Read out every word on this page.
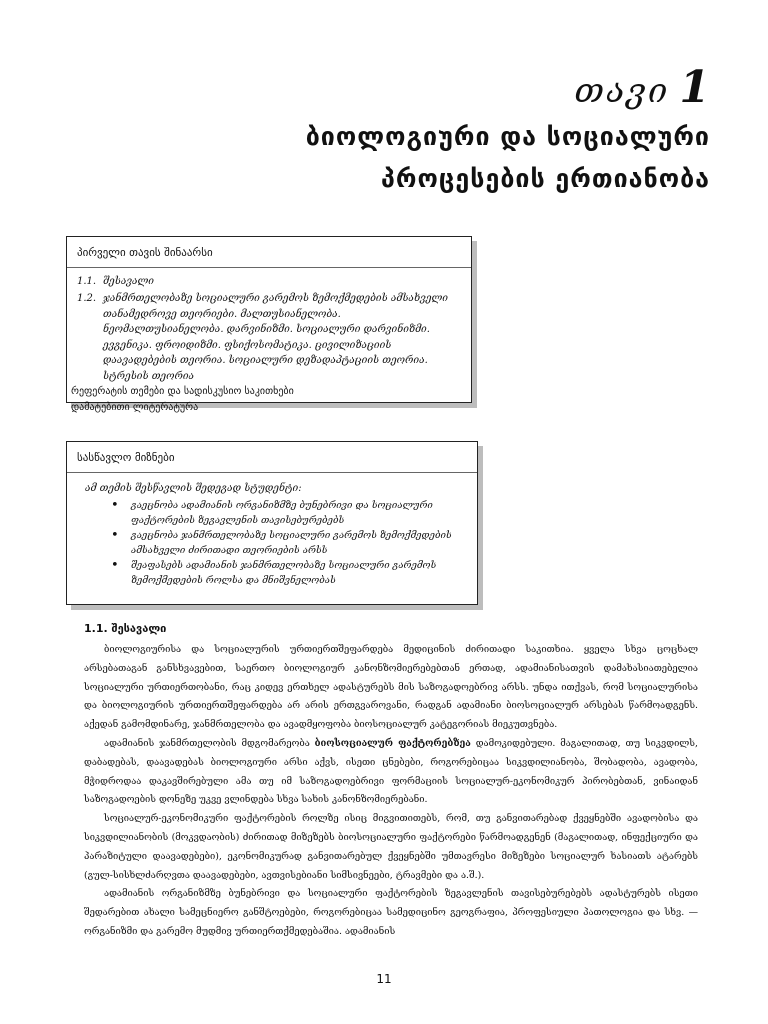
თავი 1
ბიოლოგიური და სოციალური
პროცესების ერთიანობა
პირველი თავის შინაარსი
1.1. შესავალი
1.2. ჯანმრთელობაზე სოციალური გარემოს ზემოქმედების ამსახველი თანამედროვე თეორიები. მალთუსიანელობა. ნეომალთუსიანელობა. დარვინიზმი. სოციალური დარვინიზმი. ევგენიკა. ფროიდიზმი. ფსიქოსომატიკა. ცივილიზაციის დაავადებების თეორია. სოციალური დეზადაპტაციის თეორია. სტრესის თეორია
რეფერატის თემები და სადისკუსიო საკითხები
დამატებითი ლიტერატურა
სასწავლო მიზნები
ამ თემის შესწავლის შედეგად სტუდენტი:
• გაეცნობა ადამიანის ორგანიზმზე ბუნებრივი და სოციალური ფაქტორების ზეგავლენის თავისებურებებს
• გაეცნობა ჯანმრთელობაზე სოციალური გარემოს ზემოქმედების ამსახველი ძირითადი თეორიების არსს
• შეაფასებს ადამიანის ჯანმრთელობაზე სოციალური გარემოს ზემოქმედების როლსა და მნიშვნელობას
1.1. შესავალი

ბიოლოგიურისა და სოციალურის ურთიერთშეფარდება მედიცინის ძირითადი საკითხია. ყველა სხვა ცოცხალ არსებათაგან განსხვავებით, საერთო ბიოლოგიურ კანონზომიერებებთან ერთად, ადამიანისათვის დამახასიათებელია სოციალური ურთიერთობანი, რაც კიდევ ერთხელ ადასტურებს მის საზოგადოებრივ არსს. უნდა ითქვას, რომ სოციალურისა და ბიოლოგიურის ურთიერთშეფარდება არ არის ერთგვაროვანი, რადგან ადამიანი ბიოსოციალურ არსებას წარმოადგენს. აქედან გამომდინარე, ჯანმრთელობა და ავადმყოფობა ბიოსოციალურ კატეგორიას მიეკუთვნება.

ადამიანის ჯანმრთელობის მდგომარეობა ბიოსოციალურ ფაქტორებზეა დამოკიდებული. მაგალითად, თუ სიკვდილს, დაბადებას, დაავადებას ბიოლოგიური არსი აქვს, ისეთი ცნებები, როგორებიცაა სიკვდილიანობა, შობადობა, ავადობა, მჭიდროდაა დაკავშირებული ამა თუ იმ საზოგადოებრივი ფორმაციის სოციალურ-ეკონომიკურ პირობებთან, ვინაიდან საზოგადოების დონეზე უკვე ვლინდება სხვა სახის კანონზომიერებანი.

სოციალურ-ეკონომიკური ფაქტორების როლზე ისიც მიგვითითებს, რომ, თუ განვითარებად ქვეყნებში ავადობისა და სიკვდილიანობის (მოკვდაობის) ძირითად მიზეზებს ბიოსოციალური ფაქტორები წარმოადგენენ (მაგალითად, ინფექციური და პარაზიტული დაავადებები), ეკონომიკურად განვითარებულ ქვეყნებში უმთავრესი მიზეზები სოციალურ ხასიათს ატარებს (გულ-სისხლძარღვთა დაავადებები, ავთვისებიანი სიმსივნეები, ტრავმები და ა.შ.).

ადამიანის ორგანიზმზე ბუნებრივი და სოციალური ფაქტორების ზეგავლენის თავისებურებებს ადასტურებს ისეთი შედარებით ახალი სამეცნიერო განშტოებები, როგორებიცაა სამედიცინო გეოგრაფია, პროფესიული პათოლოგია და სხვ. — ორგანიზმი და გარემო მუდმივ ურთიერთქმედებაშია. ადამიანის

11
